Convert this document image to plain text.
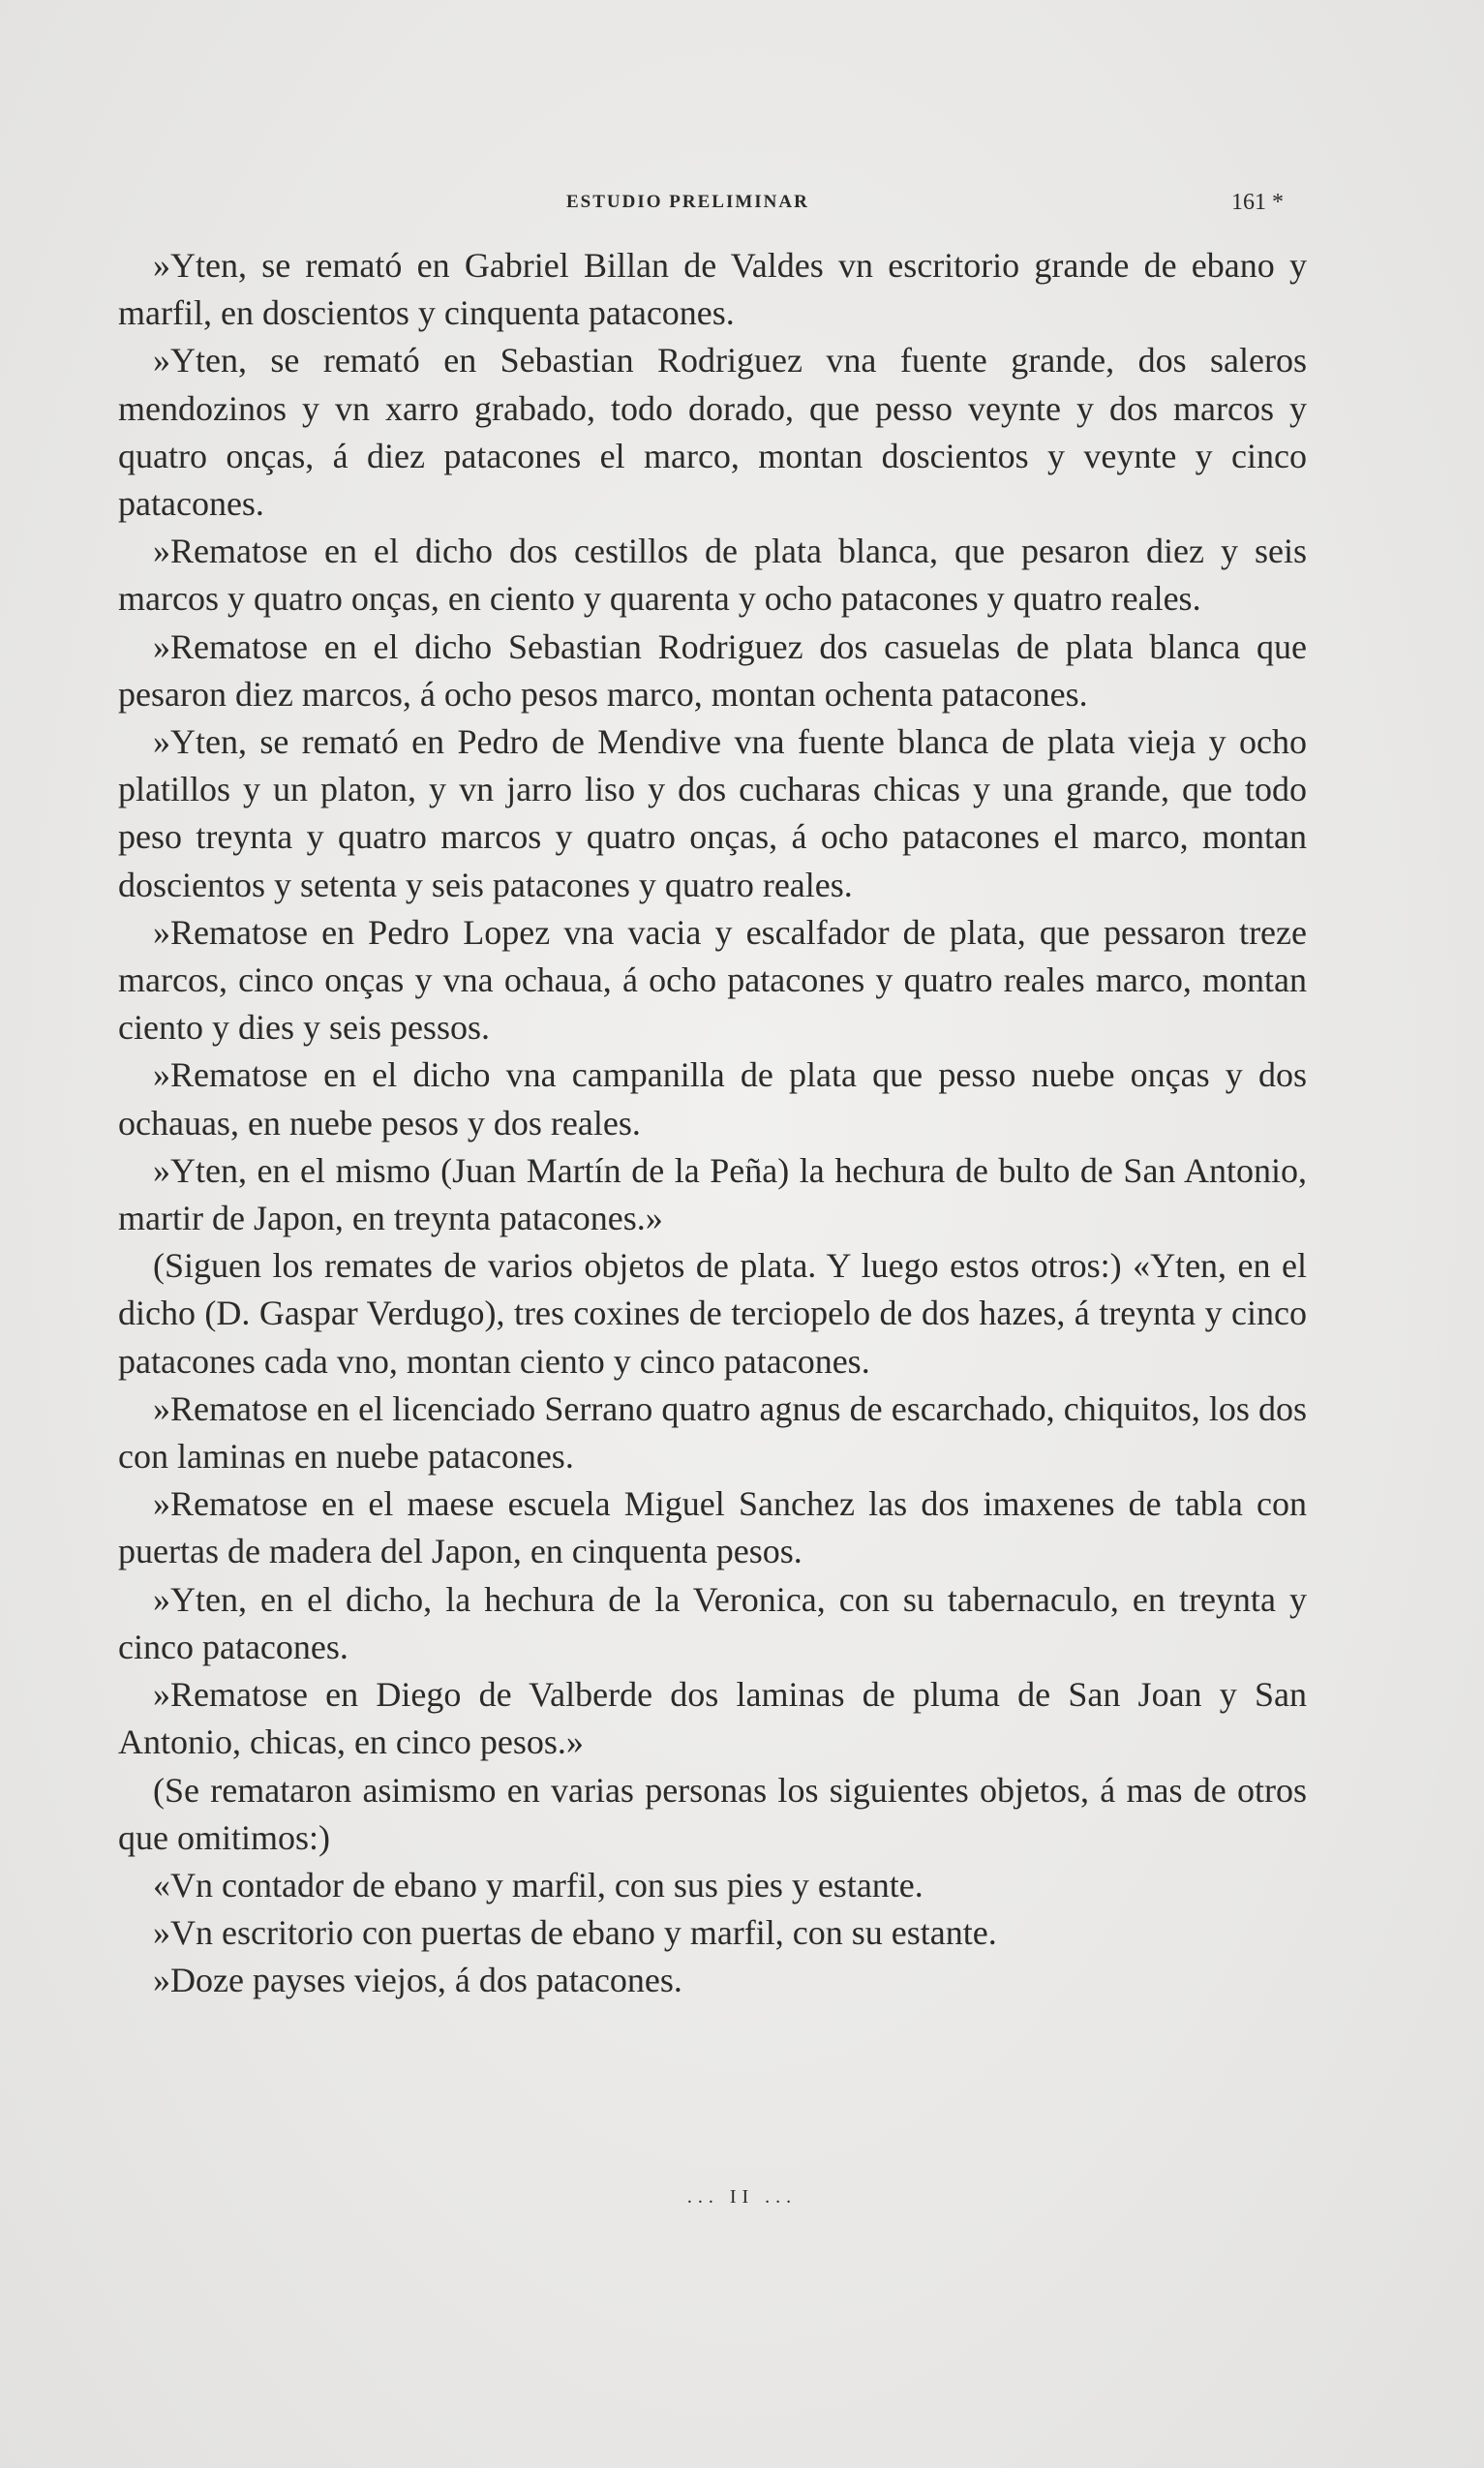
ESTUDIO PRELIMINAR	161 *

»Yten, se remató en Gabriel Billan de Valdes vn escritorio grande de ebano y marfil, en doscientos y cinquenta patacones.

»Yten, se remató en Sebastian Rodriguez vna fuente grande, dos saleros mendozinos y vn xarro grabado, todo dorado, que pesso veynte y dos marcos y quatro onças, á diez patacones el marco, montan doscientos y veynte y cinco patacones.

»Rematose en el dicho dos cestillos de plata blanca, que pesaron diez y seis marcos y quatro onças, en ciento y quarenta y ocho patacones y quatro reales.

»Rematose en el dicho Sebastian Rodriguez dos casuelas de plata blanca que pesaron diez marcos, á ocho pesos marco, montan ochenta patacones.

»Yten, se remató en Pedro de Mendive vna fuente blanca de plata vieja y ocho platillos y un platon, y vn jarro liso y dos cucharas chicas y una grande, que todo peso treynta y quatro marcos y quatro onças, á ocho patacones el marco, montan doscientos y setenta y seis patacones y quatro reales.

»Rematose en Pedro Lopez vna vacia y escalfador de plata, que pessaron treze marcos, cinco onças y vna ochaua, á ocho patacones y quatro reales marco, montan ciento y dies y seis pessos.

»Rematose en el dicho vna campanilla de plata que pesso nuebe onças y dos ochauas, en nuebe pesos y dos reales.

»Yten, en el mismo (Juan Martín de la Peña) la hechura de bulto de San Antonio, martir de Japon, en treynta patacones.»

(Siguen los remates de varios objetos de plata. Y luego estos otros:) «Yten, en el dicho (D. Gaspar Verdugo), tres coxines de terciopelo de dos hazes, á treynta y cinco patacones cada vno, montan ciento y cinco patacones.

»Rematose en el licenciado Serrano quatro agnus de escarchado, chiquitos, los dos con laminas en nuebe patacones.

»Rematose en el maese escuela Miguel Sanchez las dos imaxenes de tabla con puertas de madera del Japon, en cinquenta pesos.

»Yten, en el dicho, la hechura de la Veronica, con su tabernaculo, en treynta y cinco patacones.

»Rematose en Diego de Valberde dos laminas de pluma de San Joan y San Antonio, chicas, en cinco pesos.»

(Se remataron asimismo en varias personas los siguientes objetos, á mas de otros que omitimos:)

«Vn contador de ebano y marfil, con sus pies y estante.

»Vn escritorio con puertas de ebano y marfil, con su estante.

»Doze payses viejos, á dos patacones.

... II ...
